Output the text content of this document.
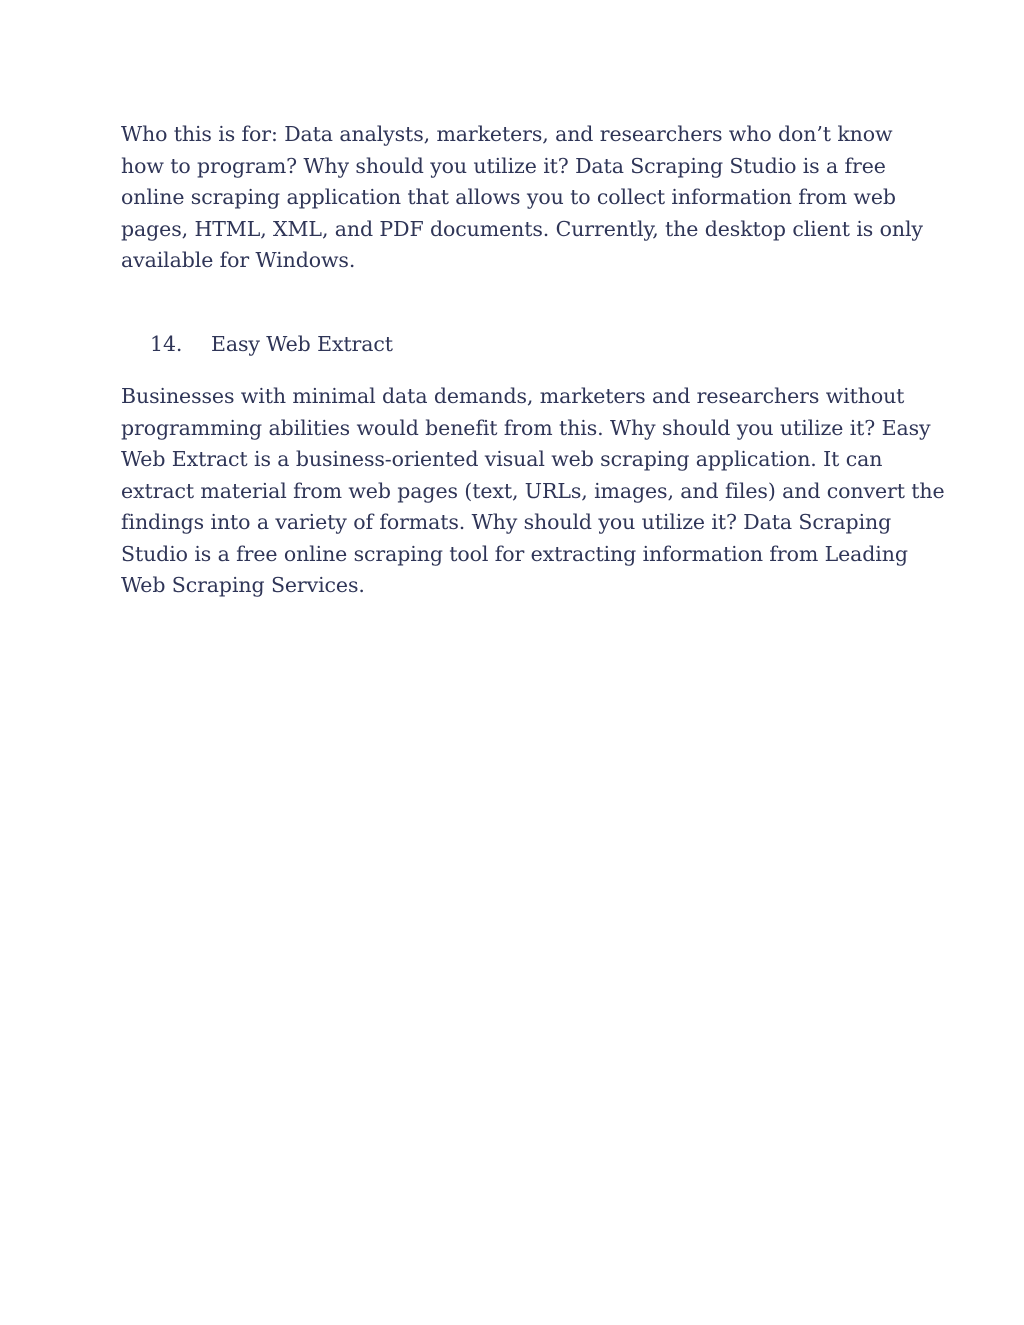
Who this is for: Data analysts, marketers, and researchers who don’t know
how to program? Why should you utilize it? Data Scraping Studio is a free
online scraping application that allows you to collect information from web
pages, HTML, XML, and PDF documents. Currently, the desktop client is only
available for Windows.

14.	Easy Web Extract

Businesses with minimal data demands, marketers and researchers without
programming abilities would benefit from this. Why should you utilize it? Easy
Web Extract is a business-oriented visual web scraping application. It can
extract material from web pages (text, URLs, images, and files) and convert the
findings into a variety of formats. Why should you utilize it? Data Scraping
Studio is a free online scraping tool for extracting information from Leading
Web Scraping Services.
